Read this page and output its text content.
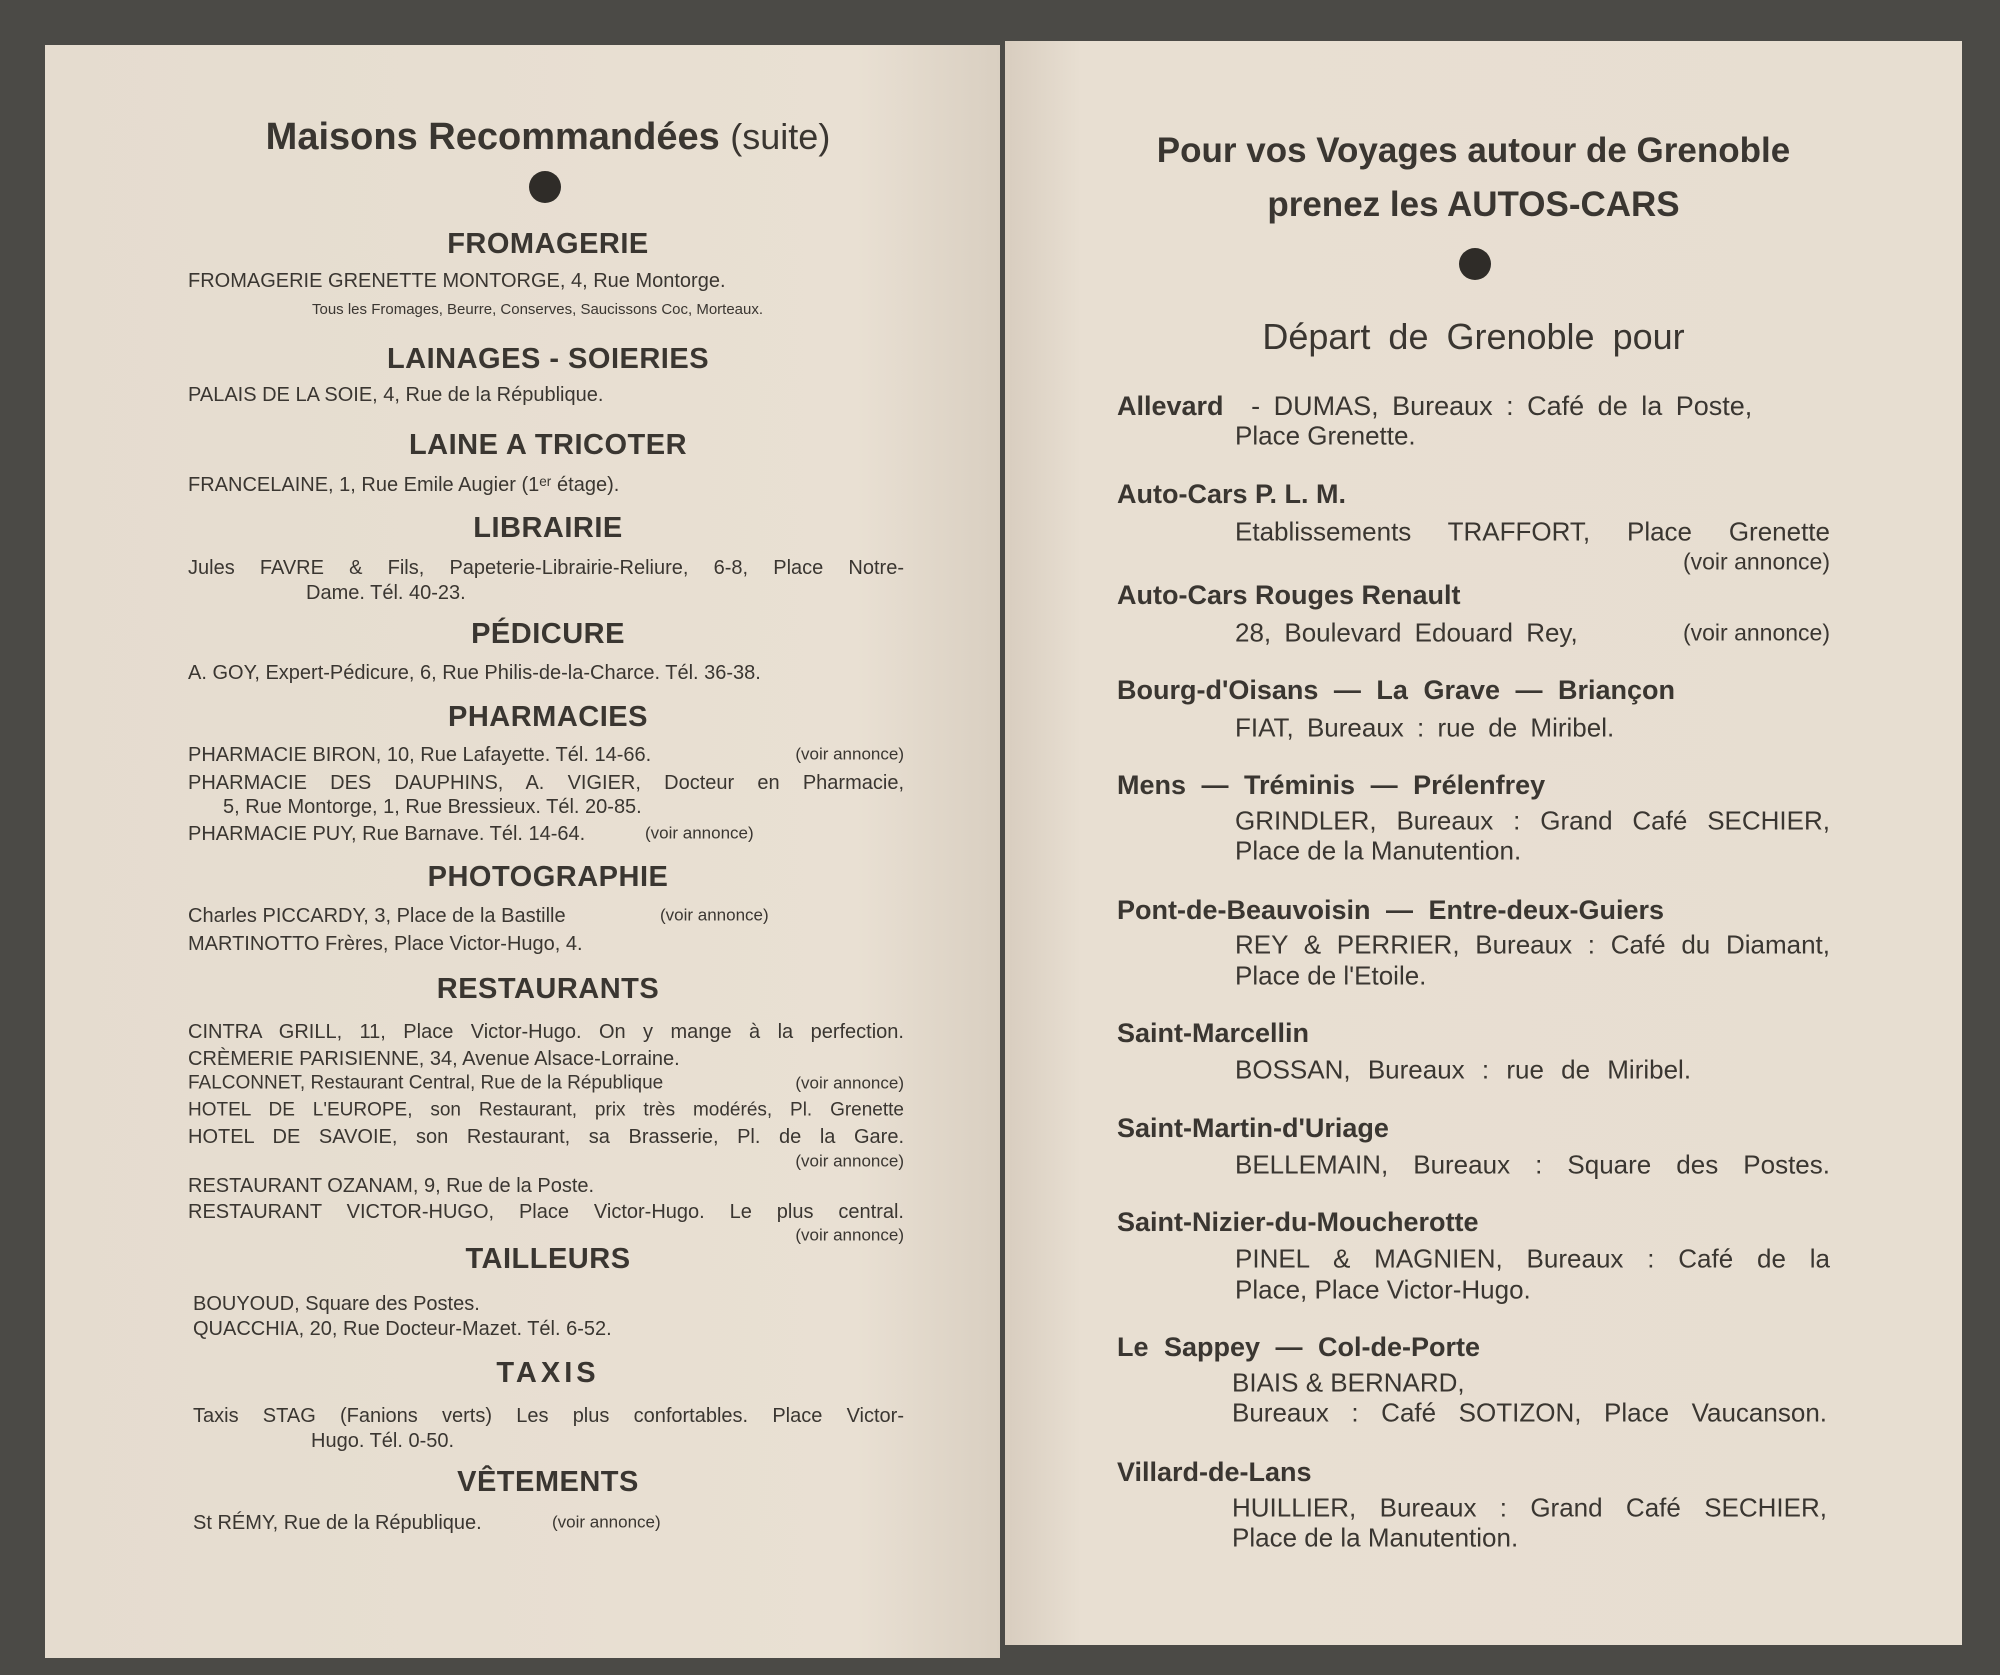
Maisons Recommandées (suite)
FROMAGERIE
FROMAGERIE GRENETTE MONTORGE, 4, Rue Montorge.
Tous les Fromages, Beurre, Conserves, Saucissons Coc, Morteaux.
LAINAGES - SOIERIES
PALAIS DE LA SOIE, 4, Rue de la République.
LAINE A TRICOTER
FRANCELAINE, 1, Rue Emile Augier (1ᵉʳ étage).
LIBRAIRIE
Jules FAVRE & Fils, Papeterie-Librairie-Reliure, 6-8, Place Notre-
Dame. Tél. 40-23.
PÉDICURE
A. GOY, Expert-Pédicure, 6, Rue Philis-de-la-Charce. Tél. 36-38.
PHARMACIES
PHARMACIE BIRON, 10, Rue Lafayette. Tél. 14-66.	(voir annonce)
PHARMACIE DES DAUPHINS, A. VIGIER, Docteur en Pharmacie,
5, Rue Montorge, 1, Rue Bressieux. Tél. 20-85.
PHARMACIE PUY, Rue Barnave. Tél. 14-64.	(voir annonce)
PHOTOGRAPHIE
Charles PICCARDY, 3, Place de la Bastille	(voir annonce)
MARTINOTTO Frères, Place Victor-Hugo, 4.
RESTAURANTS
CINTRA GRILL, 11, Place Victor-Hugo. On y mange à la perfection.
CRÈMERIE PARISIENNE, 34, Avenue Alsace-Lorraine.
FALCONNET, Restaurant Central, Rue de la République	(voir annonce)
HOTEL DE L'EUROPE, son Restaurant, prix très modérés, Pl. Grenette
HOTEL DE SAVOIE, son Restaurant, sa Brasserie, Pl. de la Gare.
(voir annonce)
RESTAURANT OZANAM, 9, Rue de la Poste.
RESTAURANT VICTOR-HUGO, Place Victor-Hugo. Le plus central.
(voir annonce)
TAILLEURS
BOUYOUD, Square des Postes.
QUACCHIA, 20, Rue Docteur-Mazet. Tél. 6-52.
TAXIS
Taxis STAG (Fanions verts) Les plus confortables. Place Victor-
Hugo. Tél. 0-50.
VÊTEMENTS
St RÉMY, Rue de la République.	(voir annonce)
Pour vos Voyages autour de Grenoble
prenez les AUTOS-CARS
Départ de Grenoble pour
Allevard - DUMAS, Bureaux : Café de la Poste,
Place Grenette.
Auto-Cars P. L. M.
Etablissements TRAFFORT, Place Grenette
(voir annonce)
Auto-Cars Rouges Renault
28, Boulevard Edouard Rey,	(voir annonce)
Bourg-d'Oisans — La Grave — Briançon
FIAT, Bureaux : rue de Miribel.
Mens — Tréminis — Prélenfrey
GRINDLER, Bureaux : Grand Café SECHIER,
Place de la Manutention.
Pont-de-Beauvoisin — Entre-deux-Guiers
REY & PERRIER, Bureaux : Café du Diamant,
Place de l'Etoile.
Saint-Marcellin
BOSSAN, Bureaux : rue de Miribel.
Saint-Martin-d'Uriage
BELLEMAIN, Bureaux : Square des Postes.
Saint-Nizier-du-Moucherotte
PINEL & MAGNIEN, Bureaux : Café de la
Place, Place Victor-Hugo.
Le Sappey — Col-de-Porte
BIAIS & BERNARD,
Bureaux : Café SOTIZON, Place Vaucanson.
Villard-de-Lans
HUILLIER, Bureaux : Grand Café SECHIER,
Place de la Manutention.
